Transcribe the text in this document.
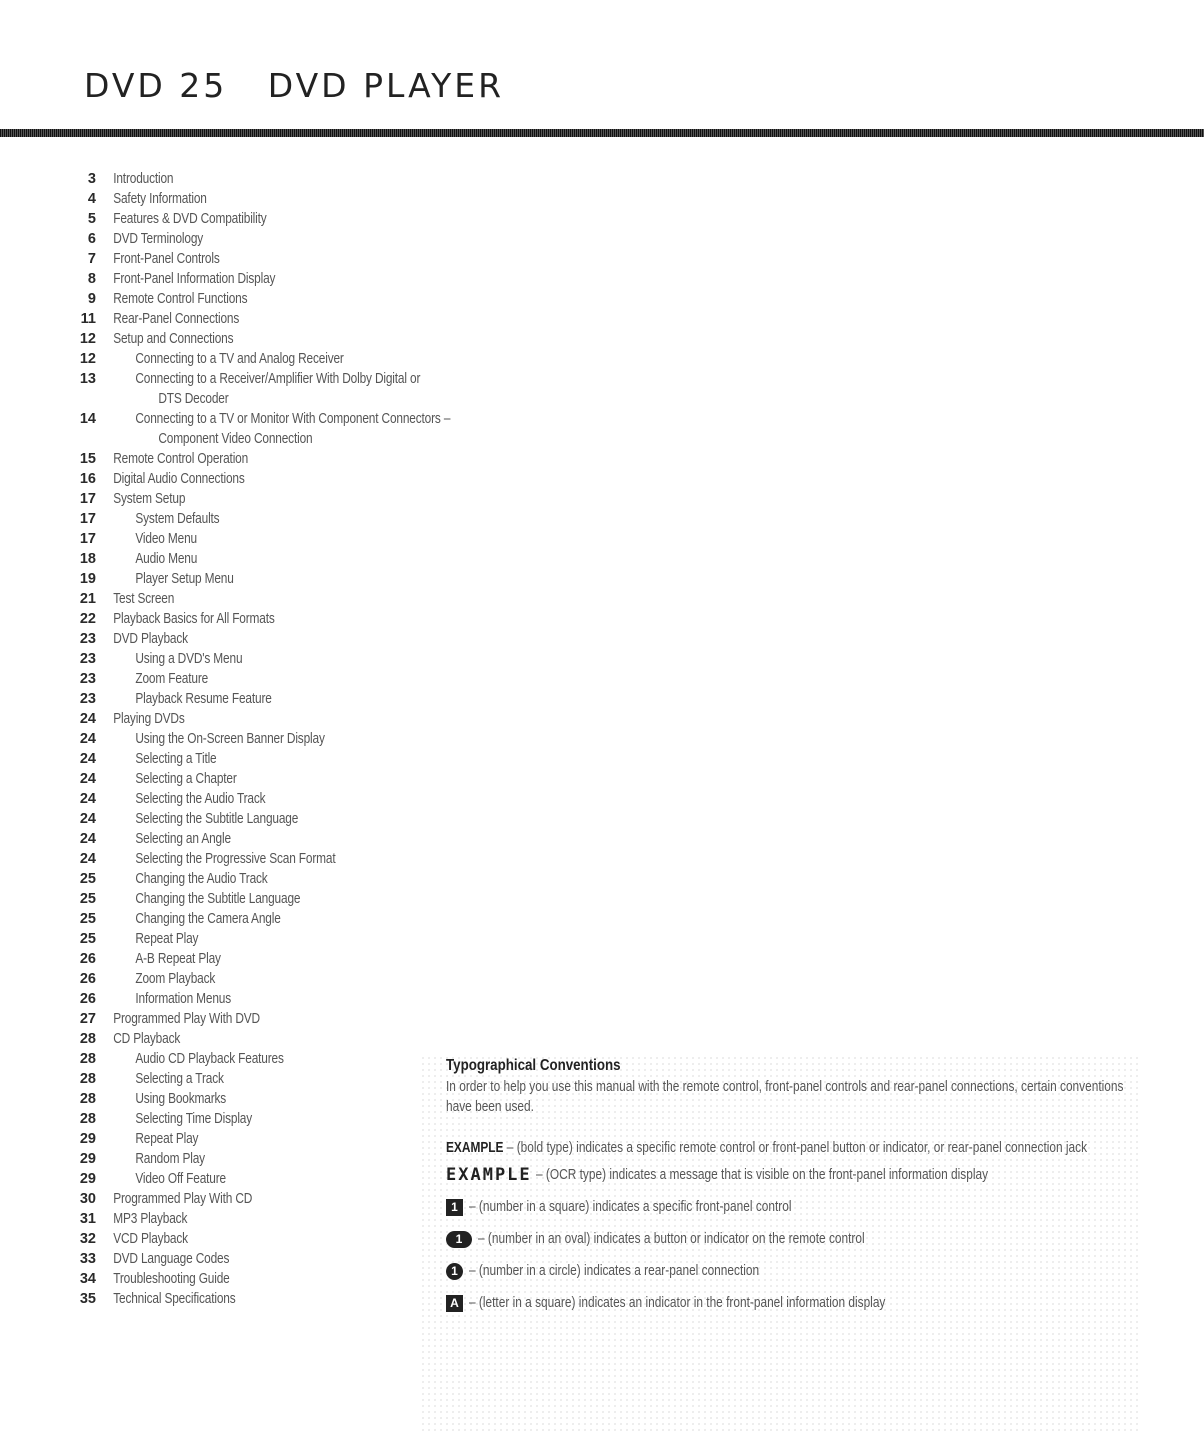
DVD 25   DVD PLAYER
3	Introduction
4	Safety Information
5	Features & DVD Compatibility
6	DVD Terminology
7	Front-Panel Controls
8	Front-Panel Information Display
9	Remote Control Functions
11	Rear-Panel Connections
12	Setup and Connections
12	Connecting to a TV and Analog Receiver
13	Connecting to a Receiver/Amplifier With Dolby Digital or
DTS Decoder
14	Connecting to a TV or Monitor With Component Connectors –
Component Video Connection
15	Remote Control Operation
16	Digital Audio Connections
17	System Setup
17	System Defaults
17	Video Menu
18	Audio Menu
19	Player Setup Menu
21	Test Screen
22	Playback Basics for All Formats
23	DVD Playback
23	Using a DVD's Menu
23	Zoom Feature
23	Playback Resume Feature
24	Playing DVDs
24	Using the On-Screen Banner Display
24	Selecting a Title
24	Selecting a Chapter
24	Selecting the Audio Track
24	Selecting the Subtitle Language
24	Selecting an Angle
24	Selecting the Progressive Scan Format
25	Changing the Audio Track
25	Changing the Subtitle Language
25	Changing the Camera Angle
25	Repeat Play
26	A-B Repeat Play
26	Zoom Playback
26	Information Menus
27	Programmed Play With DVD
28	CD Playback
28	Audio CD Playback Features
28	Selecting a Track
28	Using Bookmarks
28	Selecting Time Display
29	Repeat Play
29	Random Play
29	Video Off Feature
30	Programmed Play With CD
31	MP3 Playback
32	VCD Playback
33	DVD Language Codes
34	Troubleshooting Guide
35	Technical Specifications
Typographical Conventions

In order to help you use this manual with the remote control, front-panel controls and rear-panel connections, certain conventions have been used.

EXAMPLE – (bold type) indicates a specific remote control or front-panel button or indicator, or rear-panel connection jack

EXAMPLE – (OCR type) indicates a message that is visible on the front-panel information display
1 – (number in a square) indicates a specific front-panel control
1	– (number in an oval) indicates a button or indicator on the remote control
1 – (number in a circle) indicates a rear-panel connection
A – (letter in a square) indicates an indicator in the front-panel information display
